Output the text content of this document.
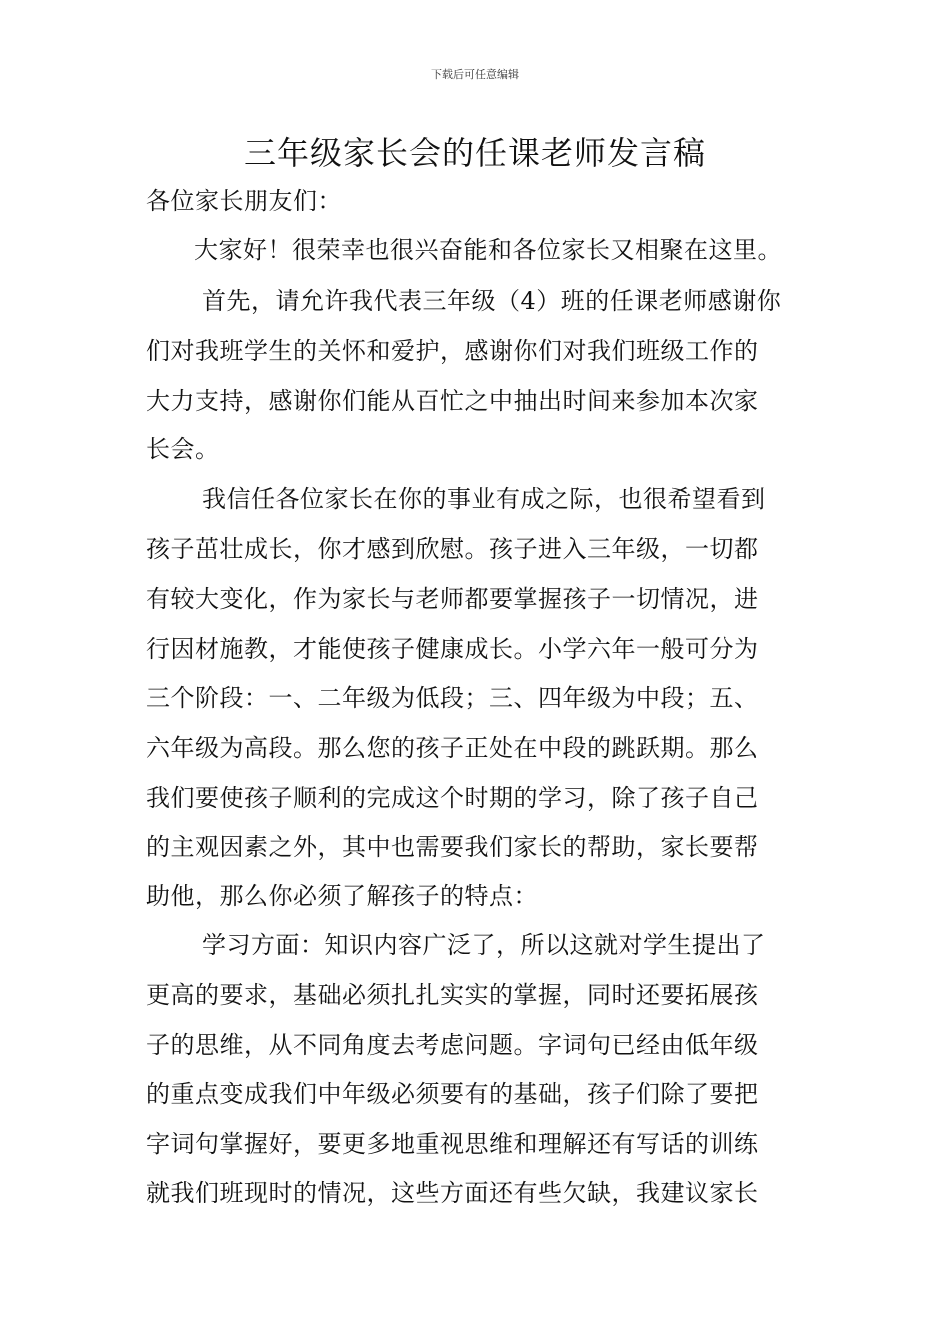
下载后可任意编辑
三年级家长会的任课老师发言稿
各位家长朋友们：
大家好！很荣幸也很兴奋能和各位家长又相聚在这里。
首先，请允许我代表三年级（4）班的任课老师感谢你
们对我班学生的关怀和爱护，感谢你们对我们班级工作的
大力支持，感谢你们能从百忙之中抽出时间来参加本次家
长会。
我信任各位家长在你的事业有成之际，也很希望看到
孩子茁壮成长，你才感到欣慰。孩子进入三年级，一切都
有较大变化，作为家长与老师都要掌握孩子一切情况，进
行因材施教，才能使孩子健康成长。小学六年一般可分为
三个阶段：一、二年级为低段；三、四年级为中段；五、
六年级为高段。那么您的孩子正处在中段的跳跃期。那么
我们要使孩子顺利的完成这个时期的学习，除了孩子自己
的主观因素之外，其中也需要我们家长的帮助，家长要帮
助他，那么你必须了解孩子的特点：
学习方面：知识内容广泛了，所以这就对学生提出了
更高的要求，基础必须扎扎实实的掌握，同时还要拓展孩
子的思维，从不同角度去考虑问题。字词句已经由低年级
的重点变成我们中年级必须要有的基础，孩子们除了要把
字词句掌握好，要更多地重视思维和理解还有写话的训练
就我们班现时的情况，这些方面还有些欠缺，我建议家长
